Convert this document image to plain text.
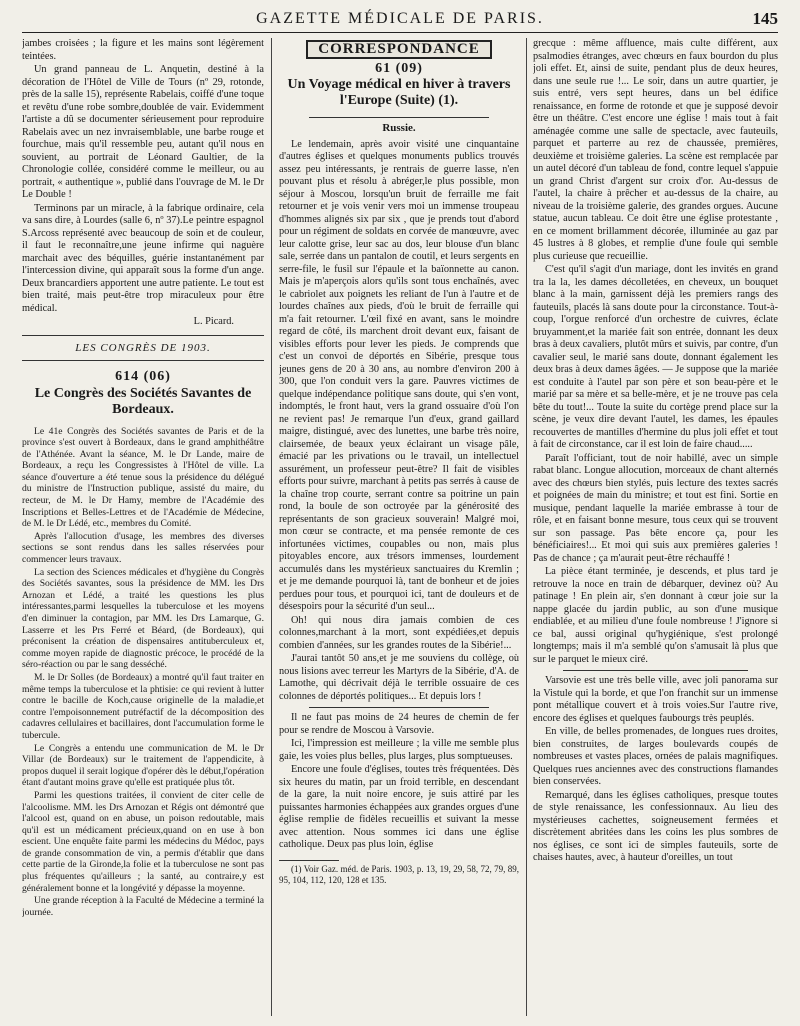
GAZETTE MÉDICALE DE PARIS.	145

jambes croisées ; la figure et les mains sont légèrement teintées.

Un grand panneau de L. Anquetin, destiné à la décoration de l'Hôtel de Ville de Tours (nº 29, rotonde, près de la salle 15), représente Rabelais, coiffé d'une toque et revêtu d'une robe sombre,doublée de vair. Evidemment l'artiste a dû se documenter sérieusement pour reproduire Rabelais avec un nez invraisemblable, une barbe rouge et fourchue, mais qu'il ressemble peu, autant qu'il nous en souvient, au portrait de Léonard Gaultier, de la Chronologie collée, considéré comme le meilleur, ou au portrait, « authentique », publié dans l'ouvrage de M. le Dr Le Double !

Terminons par un miracle, à la fabrique ordinaire, cela va sans dire, à Lourdes (salle 6, nº 37).Le peintre espagnol S.Arcoss représenté avec beaucoup de soin et de couleur, il faut le reconnaître,une jeune infirme qui naguère marchait avec des béquilles, guérie instantanément par l'intercession divine, qui apparaît sous la forme d'un ange. Deux brancardiers apportent une autre patiente. Le tout est bien traité, mais peut-être trop miraculeux pour être médical.

L. Picard.
LES CONGRÈS DE 1903.
614 (06)
Le Congrès des Sociétés Savantes de Bordeaux.

Le 41e Congrès des Sociétés savantes de Paris et de la province s'est ouvert à Bordeaux, dans le grand amphithéâtre de l'Athénée. Avant la séance, M. le Dr Lande, maire de Bordeaux, a reçu les Congressistes à l'Hôtel de ville. La séance d'ouverture a été tenue sous la présidence du délégué du ministre de l'Instruction publique, assisté du maire, du recteur, de M. le Dr Hamy, membre de l'Académie des Inscriptions et Belles-Lettres et de l'Académie de Médecine, de M. le Dr Lédé, etc., membres du Comité.

Après l'allocution d'usage, les membres des diverses sections se sont rendus dans les salles réservées pour commencer leurs travaux.

La section des Sciences médicales et d'hygiène du Congrès des Sociétés savantes, sous la présidence de MM. les Drs Arnozan et Lédé, a traité les questions les plus intéressantes,parmi lesquelles la tuberculose et les moyens d'en diminuer la contagion, par MM. les Drs Lamarque, G. Lasserre et les Prs Ferré et Béard, (de Bordeaux), qui préconisent la création de dispensaires antituberculeux et, comme moyen rapide de diagnostic précoce, le procédé de la séro-réaction ou par le sang desséché.

M. le Dr Solles (de Bordeaux) a montré qu'il faut traiter en même temps la tuberculose et la phtisie: ce qui revient à lutter contre le bacille de Koch,cause originelle de la maladie,et contre l'empoisonnement putréfactif de la décomposition des cadavres cellulaires et bacillaires, dont l'accumulation forme le tubercule.

Le Congrès a entendu une communication de M. le Dr Villar (de Bordeaux) sur le traitement de l'appendicite, à propos duquel il serait logique d'opérer dès le début,l'opération étant d'autant moins grave qu'elle est pratiquée plus tôt.

Parmi les questions traitées, il convient de citer celle de l'alcoolisme. MM. les Drs Arnozan et Régis ont démontré que l'alcool est, quand on en abuse, un poison redoutable, mais qu'il est un médicament précieux,quand on en use à bon escient. Une enquête faite parmi les médecins du Médoc, pays de grande consommation de vin, a permis d'établir que dans cette partie de la Gironde,la folie et la tuberculose ne sont pas plus fréquentes qu'ailleurs ; la santé, au contraire,y est généralement bonne et la longévité y dépasse la moyenne.

Une grande réception à la Faculté de Médecine a terminé la journée.

CORRESPONDANCE
61 (09)
Un Voyage médical en hiver à travers l'Europe (Suite) (1).
Russie.

Le lendemain, après avoir visité une cinquantaine d'autres églises et quelques monuments publics trouvés assez peu intéressants, je rentrais de guerre lasse, n'en pouvant plus et résolu à abréger,le plus possible, mon séjour à Moscou, lorsqu'un bruit de ferraille me fait retourner et je vois venir vers moi un immense troupeau d'hommes alignés six par six , que je prends tout d'abord pour un régiment de soldats en corvée de manœuvre, avec leur calotte grise, leur sac au dos, leur blouse d'un blanc sale, serrée dans un pantalon de coutil, et leurs sergents en serre-file, le fusil sur l'épaule et la baïonnette au canon. Mais je m'aperçois alors qu'ils sont tous enchaînés, avec le cabriolet aux poignets les reliant de l'un à l'autre et de lourdes chaînes aux pieds, d'où le bruit de ferraille qui m'a fait retourner. L'œil fixé en avant, sans le moindre regard de côté, ils marchent droit devant eux, faisant de visibles efforts pour lever les pieds. Je comprends que c'est un convoi de déportés en Sibérie, presque tous jeunes gens de 20 à 30 ans, au nombre d'environ 200 à 300, que l'on conduit vers la gare. Pauvres victimes de quelque indépendance politique sans doute, qui s'en vont, indomptés, le front haut, vers la grand ossuaire d'où l'on ne revient pas! Je remarque l'un d'eux, grand gaillard maigre, distingué, avec des lunettes, une barbe très noire, clairsemée, de beaux yeux éclairant un visage pâle, émacié par les privations ou le travail, un intellectuel assurément, un professeur peut-être? Il fait de visibles efforts pour suivre, marchant à petits pas serrés à cause de la chaîne trop courte, serrant contre sa poitrine un pain rond, la boule de son octroyée par la générosité des représentants de son gracieux souverain! Malgré moi, mon cœur se contracte, et ma pensée remonte de ces infortunées victimes, coupables ou non, mais plus pitoyables encore, aux trésors immenses, lourdement accumulés dans les mystérieux sanctuaires du Kremlin ; et je me demande pourquoi là, tant de bonheur et de joies perdues pour tous, et pourquoi ici, tant de douleurs et de désespoirs pour la sécurité d'un seul...

Oh! qui nous dira jamais combien de ces colonnes,marchant à la mort, sont expédiées,et depuis combien d'années, sur les grandes routes de la Sibérie!...

J'aurai tantôt 50 ans,et je me souviens du collège, où nous lisions avec terreur les Martyrs de la Sibérie, d'A. de Lamothe, qui décrivait déjà le terrible ossuaire de ces colonnes de déportés politiques... Et depuis lors !

Il ne faut pas moins de 24 heures de chemin de fer pour se rendre de Moscou à Varsovie.

Ici, l'impression est meilleure ; la ville me semble plus gaie, les voies plus belles, plus larges, plus somptueuses.

Encore une foule d'églises, toutes très fréquentées. Dès six heures du matin, par un froid terrible, en descendant de la gare, la nuit noire encore, je suis attiré par les puissantes harmonies échappées aux grandes orgues d'une église remplie de fidèles recueillis et suivant la messe avec attention. Nous sommes ici dans une église catholique. Deux pas plus loin, église

(1) Voir Gaz. méd. de Paris. 1903, p. 13, 19, 29, 58, 72, 79, 89, 95, 104, 112, 120, 128 et 135.

grecque : même affluence, mais culte différent, aux psalmodies étranges, avec chœurs en faux bourdon du plus joli effet. Et, ainsi de suite, pendant plus de deux heures, dans une seule rue !... Le soir, dans un autre quartier, je suis entré, vers sept heures, dans un bel édifice renaissance, en forme de rotonde et que je supposé devoir être un théâtre. C'est encore une église ! mais tout à fait aménagée comme une salle de spectacle, avec fauteuils, parquet et parterre au rez de chaussée, premières, deuxième et troisième galeries. La scène est remplacée par un autel décoré d'un tableau de fond, contre lequel s'appuie un grand Christ d'argent sur croix d'or. Au-dessus de l'autel, la chaire à prêcher et au-dessus de la chaire, au niveau de la troisième galerie, des grandes orgues. Aucune statue, aucun tableau. Ce doit être une église protestante , en ce moment brillamment décorée, illuminée au gaz par 45 lustres à 8 globes, et remplie d'une foule qui semble plus curieuse que recueillie.

C'est qu'il s'agit d'un mariage, dont les invités en grand tra la la, les dames décolletées, en cheveux, un bouquet blanc à la main, garnissent déjà les premiers rangs des fauteuils, placés là sans doute pour la circonstance. Tout-à-coup, l'orgue renforcé d'un orchestre de cuivres, éclate bruyamment,et la mariée fait son entrée, donnant les deux bras à deux cavaliers, plutôt mûrs et suivis, par contre, d'un cavalier seul, le marié sans doute, donnant également les deux bras à deux dames âgées. — Je suppose que la mariée est conduite à l'autel par son père et son beau-père et le marié par sa mère et sa belle-mère, et je ne trouve pas cela bête du tout!... Toute la suite du cortège prend place sur la scène, je veux dire devant l'autel, les dames, les épaules recouvertes de mantilles d'hermine du plus joli effet et tout à fait de circonstance, car il est loin de faire chaud.....

Paraît l'officiant, tout de noir habillé, avec un simple rabat blanc. Longue allocution, morceaux de chant alternés avec des chœurs bien stylés, puis lecture des textes sacrés et poignées de main du ministre; et tout est fini. Sortie en musique, pendant laquelle la mariée embrasse à tour de rôle, et en faisant bonne mesure, tous ceux qui se trouvent sur son passage. Pas bête encore ça, pour les bénéficiaires!... Et moi qui suis aux premières galeries ! Pas de chance ; ça m'aurait peut-être réchauffé !

La pièce étant terminée, je descends, et plus tard je retrouve la noce en train de débarquer, devinez où? Au patinage ! En plein air, s'en donnant à cœur joie sur la nappe glacée du jardin public, au son d'une musique endiablée, et au milieu d'une foule nombreuse ! J'ignore si ce bal, aussi original qu'hygiénique, s'est prolongé longtemps; mais il m'a semblé qu'on s'amusait là plus que sur le parquet le mieux ciré.

Varsovie est une très belle ville, avec joli panorama sur la Vistule qui la borde, et que l'on franchit sur un immense pont métallique couvert et à trois voies.Sur l'autre rive, encore des églises et quelques faubourgs très peuplés.

En ville, de belles promenades, de longues rues droites, bien construites, de larges boulevards coupés de nombreuses et vastes places, ornées de palais magnifiques. Quelques rues anciennes avec des constructions flamandes bien conservées.

Remarqué, dans les églises catholiques, presque toutes de style renaissance, les confessionnaux. Au lieu des mystérieuses cachettes, soigneusement fermées et discrètement abritées dans les coins les plus sombres de nos églises, ce sont ici de simples fauteuils, sorte de chaises hautes, avec, à hauteur d'oreilles, un tout
